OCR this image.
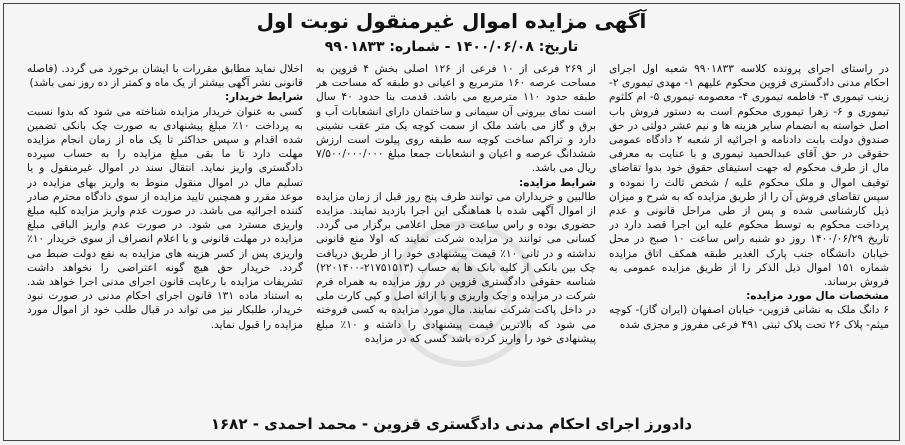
آگهی مزایده اموال غیرمنقول نوبت اول
تاریخ: ۱۴۰۰/۰۶/۰۸ - شماره: ۹۹۰۱۸۳۳

در راستای اجرای پرونده کلاسه ۹۹۰۱۸۳۳ شعبه اول اجرای احکام مدنی دادگستری قزوین محکوم علیهم ۱- مهدی تیموری ۲- زینب تیموری ۳- فاطمه تیموری ۴- معصومه تیموری ۵- ام کلثوم تیموری و ۶- زهرا تیموری محکوم است به دستور فروش باب اصل خواسته به انضمام سایر هزینه ها و نیم عشر دولتی در حق صندوق دولت بابت دادنامه و اجرائیه از شعبه ۲ دادگاه عمومی حقوقی در حق آقای عبدالحمید تیموری و با عنایت به معرفی مال از طرف محکوم له جهت استیفای حقوق خود بدوا تقاضای توقیف اموال و ملک محکوم علیه / شخص ثالث را نموده و سپس تقاضای فروش آن را از طریق مزایده که به شرح و میزان ذیل کارشناسی شده و پس از طی مراحل قانونی و عدم پرداخت محکوم به توسط محکوم علیه این اجرا قصد دارد در تاریخ ۱۴۰۰/۰۶/۲۹ روز دو شنبه راس ساعت ۱۰ صبح در محل خیابان دانشگاه جنب پارک الغدیر طبقه همکف اتاق مزایده شماره ۱۵۱ اموال ذیل الذکر را از طریق مزایده عمومی به فروش برساند.

مشخصات مال مورد مزایده:

۶ دانگ ملک به نشانی قزوین- خیابان اصفهان (ایران گاز)- کوچه میثم- پلاک ۲۶ تحت پلاک ثبتی ۴۹۱ فرعی مفروز و مجزی شده

از ۲۶۹ فرعی از ۱۰ فرعی از ۱۲۶ اصلی بخش ۴ قزوین به مساحت عرصه ۱۶۰ مترمربع و اعیانی دو طبقه که مساحت هر طبقه حدود ۱۱۰ مترمربع می باشد. قدمت بنا حدود ۴۰ سال است نمای بیرونی آن سیمانی و ساختمان دارای انشعابات آب و برق و گاز می باشد ملک از سمت کوچه یک متر عقب نشینی دارد و تراکم ساخت کوچه سه طبقه روی پیلوت است ارزش ششدانگ عرصه و اعیان و انشعابات جمعا مبلغ ۷/۵۰۰/۰۰۰/۰۰۰ ریال می باشد.

شرایط مزایده:

طالبین و خریداران می توانند ظرف پنج روز قبل از زمان مزایده از اموال آگهی شده با هماهنگی این اجرا بازدید نمایند. مزایده حضوری بوده و راس ساعت در محل اعلامی برگزار می گردد. کسانی می توانند در مزایده شرکت نمایند که اولا منع قانونی نداشته و در ثانی ۱۰٪ قیمت پیشنهادی خود را از طریق دریافت چک بین بانکی از کلیه بانک ها به حساب (۲۱۷۵۱۵۱۳-۲۲۰۱۴۰۰) شناسه حقوقی دادگستری قزوین در روز مزایده به همراه فرم شرکت در مزایده و چک واریزی و یا ارائه اصل و کپی کارت ملی در داخل پاکت شرکت نمایند. مال مورد مزایده به کسی فروخته می شود که بالاترین قیمت پیشنهادی را داشته و ۱۰٪ مبلغ پیشنهادی خود را واریز کرده باشد کسی که در مزایده

اخلال نماید مطابق مقررات با ایشان برخورد می گردد. (فاصله قانونی نشر آگهی بیشتر از یک ماه و کمتر از ده روز نمی باشد)

شرایط خریدار:

کسی به عنوان خریدار مزایده شناخته می شود که بدوا نسبت به پرداخت ۱۰٪ مبلغ پیشنهادی به صورت چک بانکی تضمین شده اقدام و سپس حداکثر تا یک ماه از زمان انجام مزایده مهلت دارد تا ما بقی مبلغ مزایده را به حساب سپرده دادگستری واریز نماید. انتقال سند در اموال غیرمنقول و یا تسلیم مال در اموال منقول منوط به واریز بهای مزایده در موعد مقرر و همچنین تایید مزایده از سوی دادگاه محترم صادر کننده اجرائیه می باشد. در صورت عدم واریز مزایده کلیه مبلغ واریزی مسترد می شود. در صورت عدم واریز الباقی مبلغ مزایده در مهلت قانونی و یا اعلام انصراف از سوی خریدار ۱۰٪ واریزی پس از کسر هزینه های مزایده به نفع دولت ضبط می گردد. خریدار حق هیچ گونه اعتراضی را نخواهد داشت تشریفات مزایده با رعایت قانون اجرای مدنی اجرا خواهد شد. به استناد ماده ۱۳۱ قانون اجرای احکام مدنی در صورت نبود خریدار، طلبکار نیز می تواند در قبال طلب خود از اموال مورد مزایده را قبول نماید.

دادورز اجرای احکام مدنی دادگستری قزوین - محمد احمدی - ۱۶۸۲
